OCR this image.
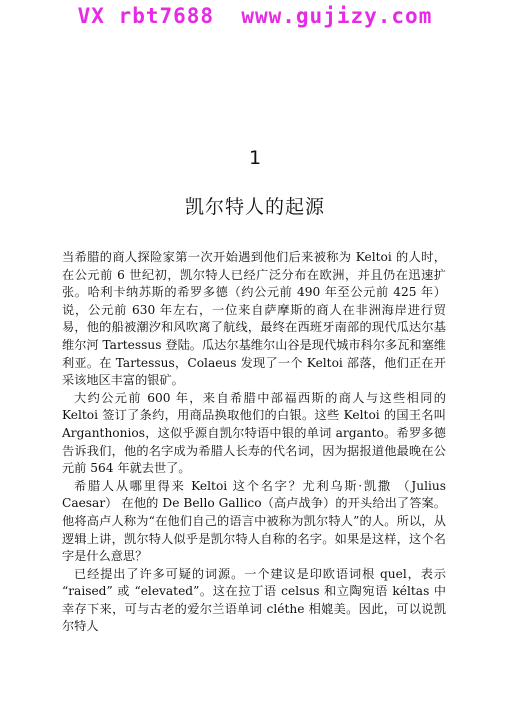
VX rbt7688  www.gujizy.com
1
凯尔特人的起源

当希腊的商人探险家第一次开始遇到他们后来被称为 Keltoi 的人时，在公元前 6 世纪初，凯尔特人已经广泛分布在欧洲，并且仍在迅速扩张。哈利卡纳苏斯的希罗多德（约公元前 490 年至公元前 425 年）说，公元前 630 年左右，一位来自萨摩斯的商人在非洲海岸进行贸易，他的船被潮汐和风吹离了航线，最终在西班牙南部的现代瓜达尔基维尔河 Tartessus 登陆。瓜达尔基维尔山谷是现代城市科尔多瓦和塞维利亚。在 Tartessus，Colaeus 发现了一个 Keltoi 部落，他们正在开采该地区丰富的银矿。

大约公元前 600 年，来自希腊中部福西斯的商人与这些相同的 Keltoi 签订了条约，用商品换取他们的白银。这些 Keltoi 的国王名叫 Arganthonios，这似乎源自凯尔特语中银的单词 arganto。希罗多德告诉我们，他的名字成为希腊人长寿的代名词，因为据报道他最晚在公元前 564 年就去世了。

希腊人从哪里得来 Keltoi 这个名字？尤利乌斯·凯撒 （Julius Caesar） 在他的 De Bello Gallico（高卢战争）的开头给出了答案。他将高卢人称为“在他们自己的语言中被称为凯尔特人”的人。所以，从逻辑上讲，凯尔特人似乎是凯尔特人自称的名字。如果是这样，这个名字是什么意思？

已经提出了许多可疑的词源。一个建议是印欧语词根 quel，表示 “raised” 或 “elevated”。这在拉丁语 celsus 和立陶宛语 kéltas 中幸存下来，可与古老的爱尔兰语单词 cléthe 相媲美。因此，可以说凯尔特人
